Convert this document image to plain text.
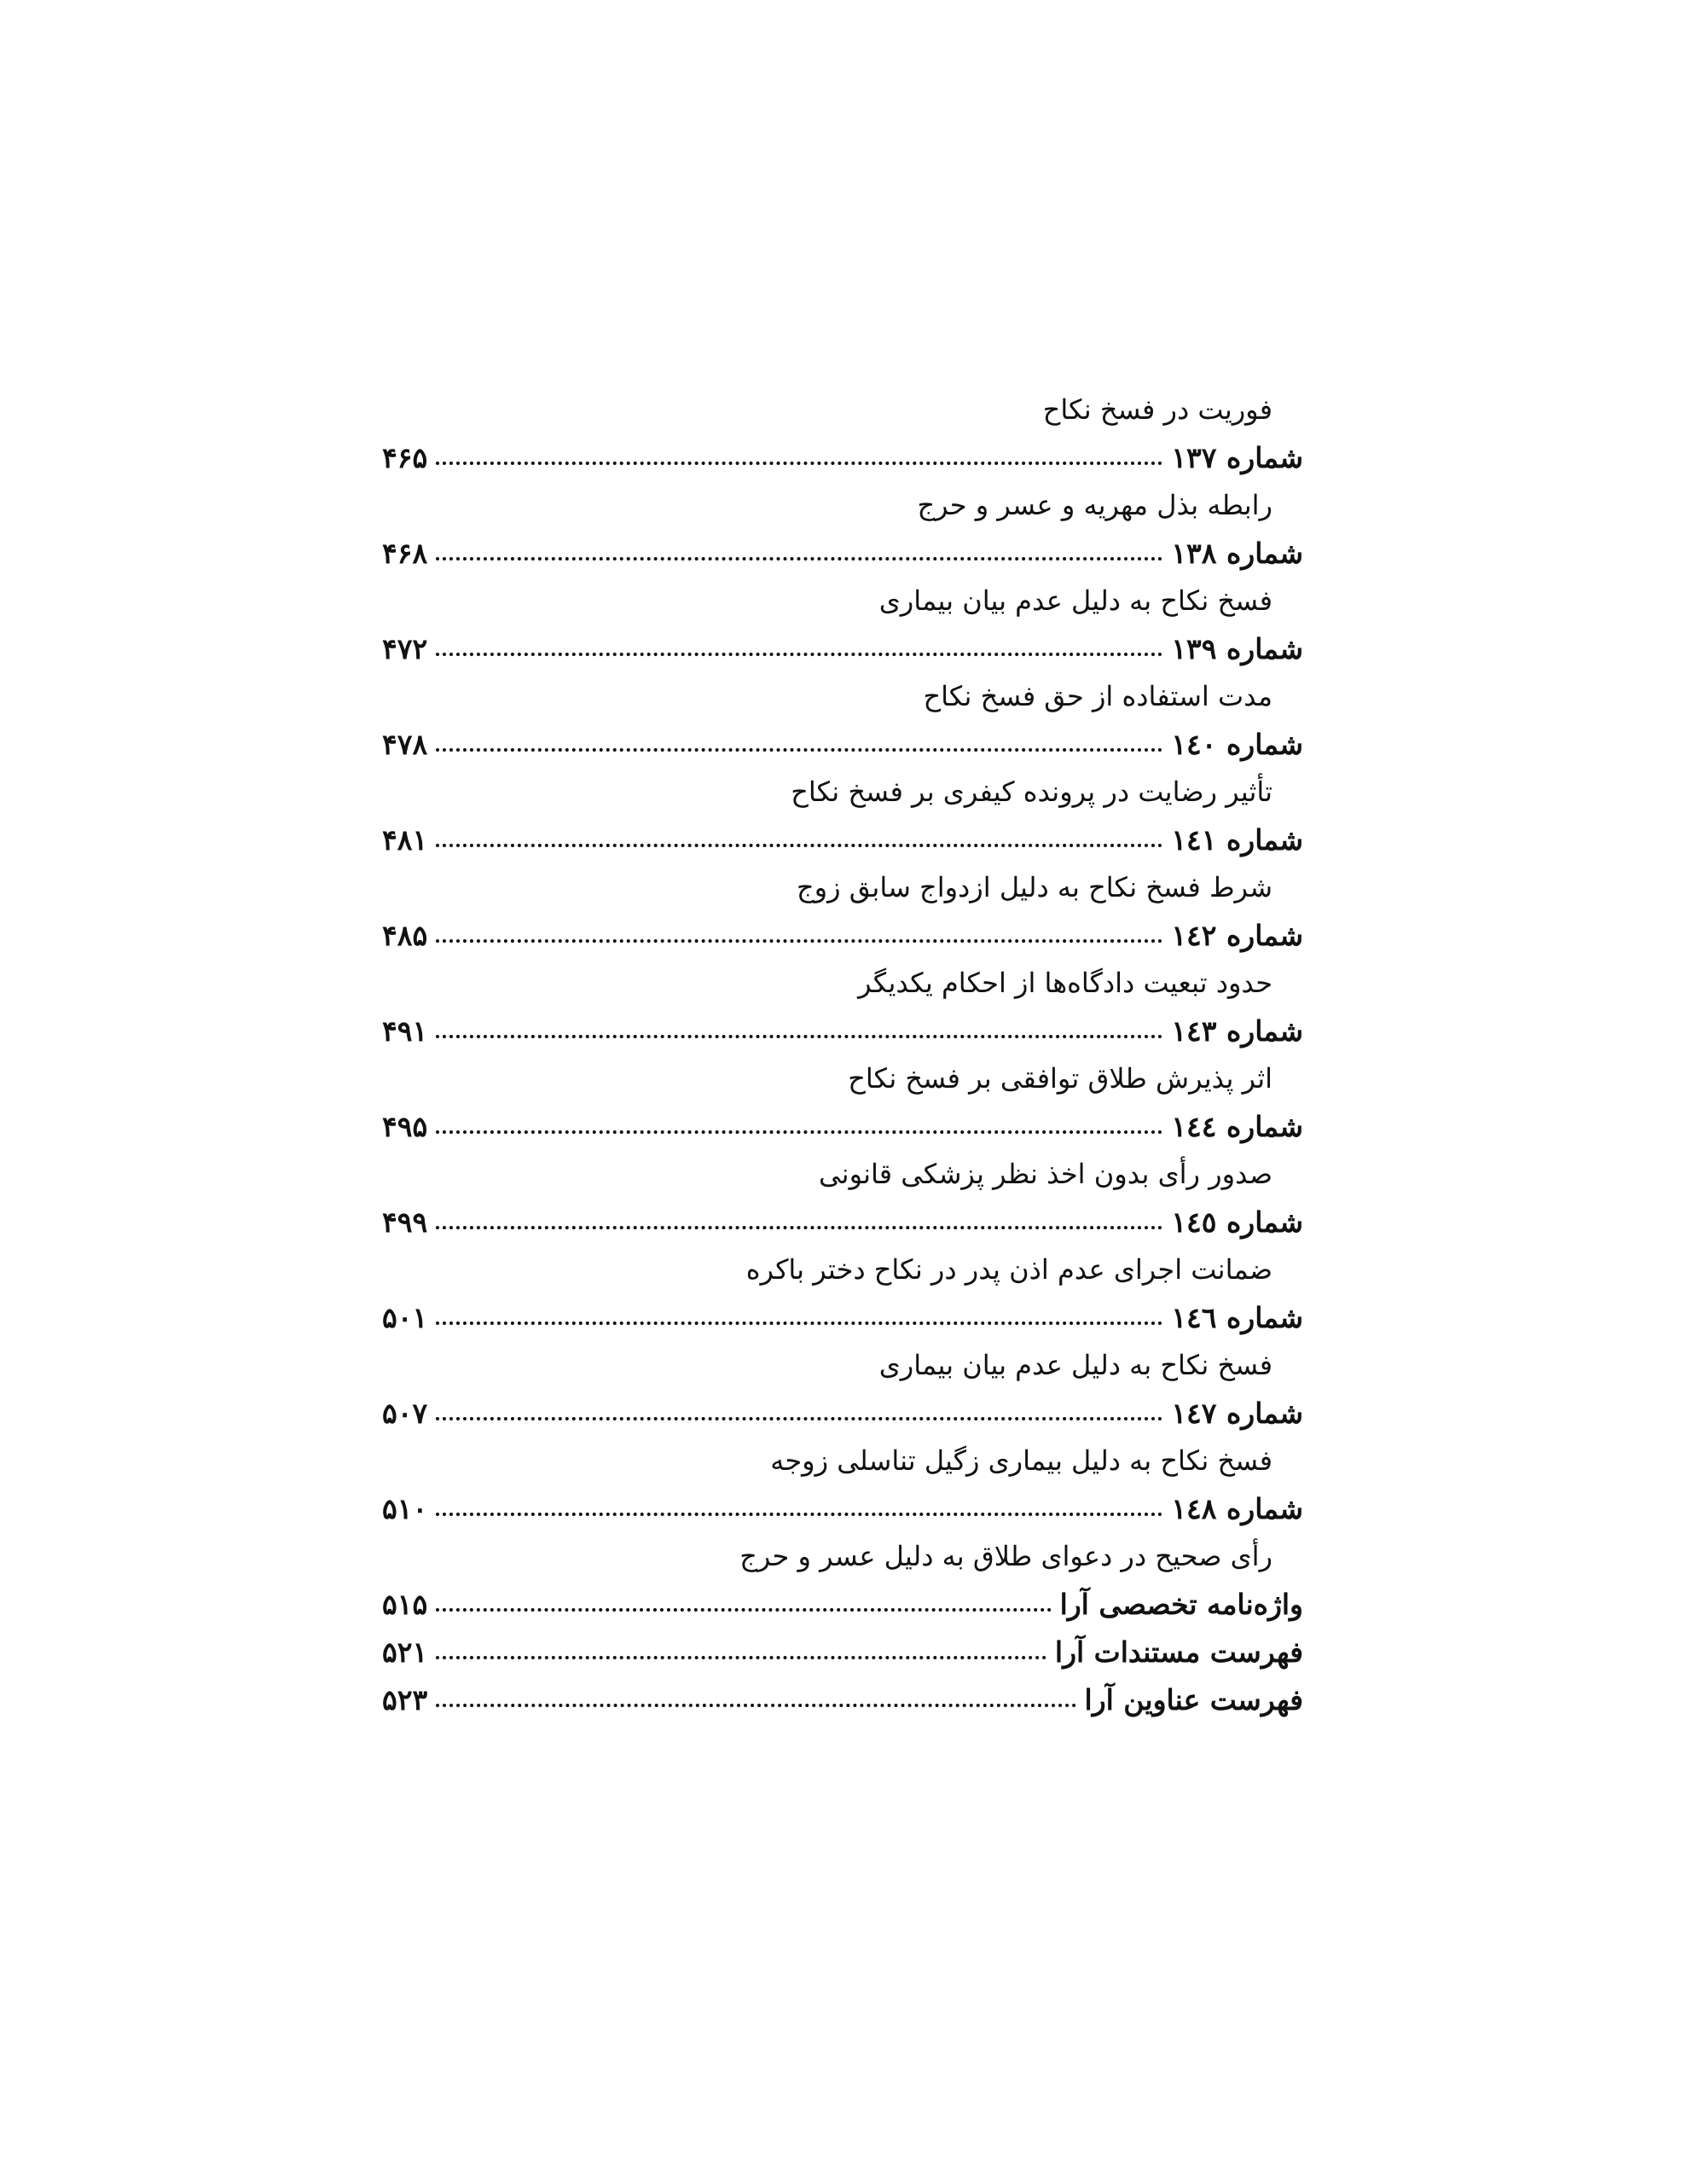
فوریت در فسخ نکاح
شماره ۱۳۷
۴۶۵
رابطه بذل مهریه و عسر و حرج
شماره ۱۳۸
۴۶۸
فسخ نکاح به دلیل عدم بیان بیماری
شماره ۱۳۹
۴۷۲
مدت استفاده از حق فسخ نکاح
شماره ١٤٠
۴۷۸
تأثیر رضایت در پرونده کیفری بر فسخ نکاح
شماره ١٤١
۴۸۱
شرط فسخ نکاح به دلیل ازدواج سابق زوج
شماره ١٤٢
۴۸۵
حدود تبعیت دادگاه‌ها از احکام یکدیگر
شماره ١٤٣
۴۹۱
اثر پذیرش طلاق توافقی بر فسخ نکاح
شماره ١٤٤
۴۹۵
صدور رأی بدون اخذ نظر پزشکی قانونی
شماره ١٤٥
۴۹۹
ضمانت اجرای عدم اذن پدر در نکاح دختر باکره
شماره ١٤٦
۵۰۱
فسخ نکاح به دلیل عدم بیان بیماری
شماره ١٤٧
۵۰۷
فسخ نکاح به دلیل بیماری زگیل تناسلی زوجه
شماره ١٤٨
۵۱۰
رأی صحیح در دعوای طلاق به دلیل عسر و حرج
واژه‌نامه تخصصی آرا
۵۱۵
فهرست مستندات آرا
۵۲۱
فهرست عناوین آرا
۵۲۳
